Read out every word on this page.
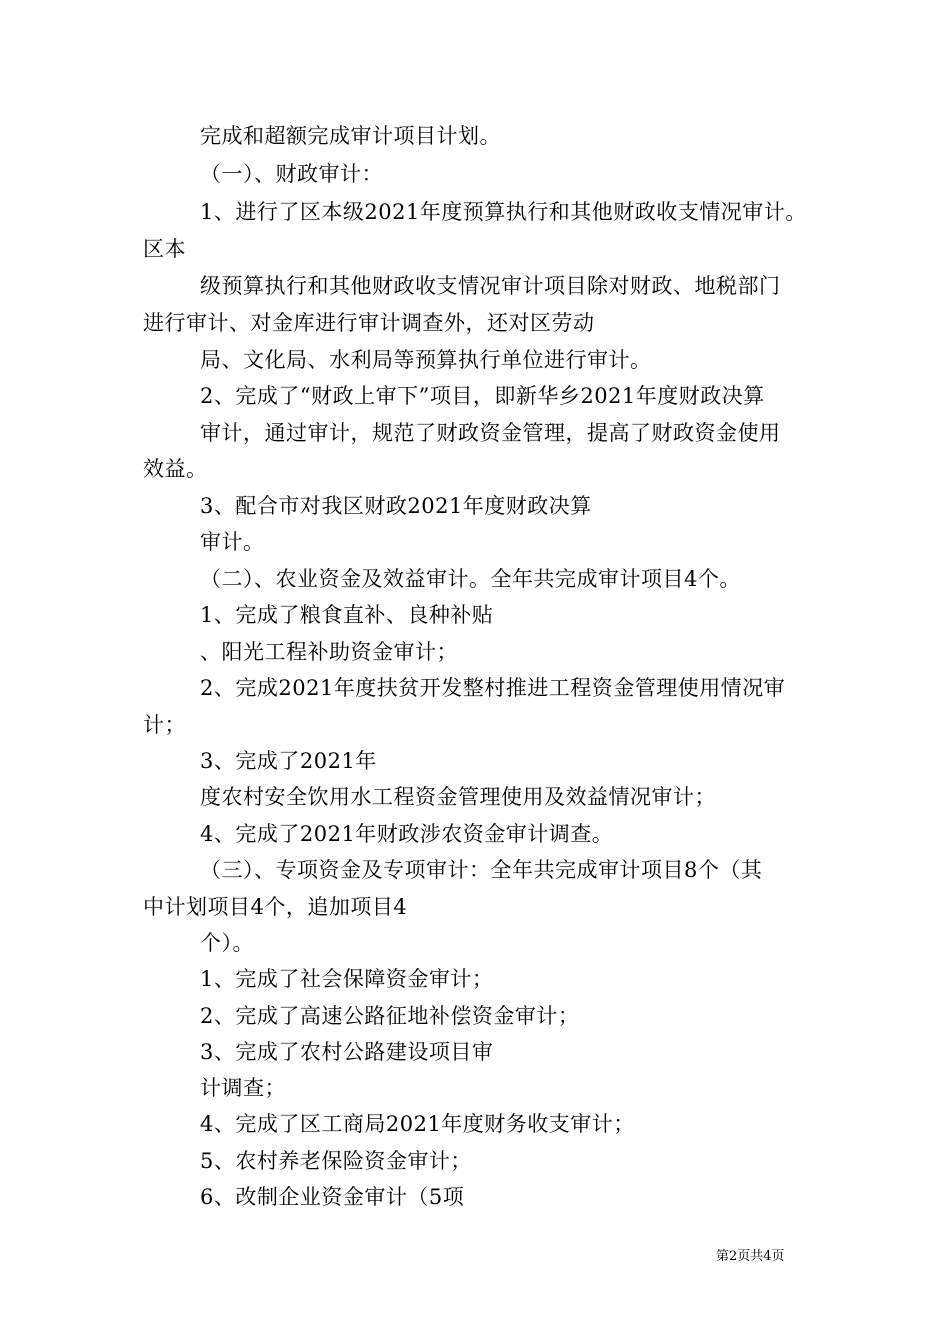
完成和超额完成审计项目计划。
（一）、财政审计：
1、进行了区本级2021年度预算执行和其他财政收支情况审计。
区本
级预算执行和其他财政收支情况审计项目除对财政、地税部门
进行审计、对金库进行审计调查外，还对区劳动
局、文化局、水利局等预算执行单位进行审计。
2、完成了“财政上审下”项目，即新华乡2021年度财政决算
审计，通过审计，规范了财政资金管理，提高了财政资金使用
效益。
3、配合市对我区财政2021年度财政决算
审计。
（二）、农业资金及效益审计。全年共完成审计项目4个。
1、完成了粮食直补、良种补贴
、阳光工程补助资金审计；
2、完成2021年度扶贫开发整村推进工程资金管理使用情况审
计；
3、完成了2021年
度农村安全饮用水工程资金管理使用及效益情况审计；
4、完成了2021年财政涉农资金审计调查。
（三）、专项资金及专项审计：全年共完成审计项目8个（其
中计划项目4个，追加项目4
个）。
1、完成了社会保障资金审计；
2、完成了高速公路征地补偿资金审计；
3、完成了农村公路建设项目审
计调查；
4、完成了区工商局2021年度财务收支审计；
5、农村养老保险资金审计；
6、改制企业资金审计（5项
第2页共4页
